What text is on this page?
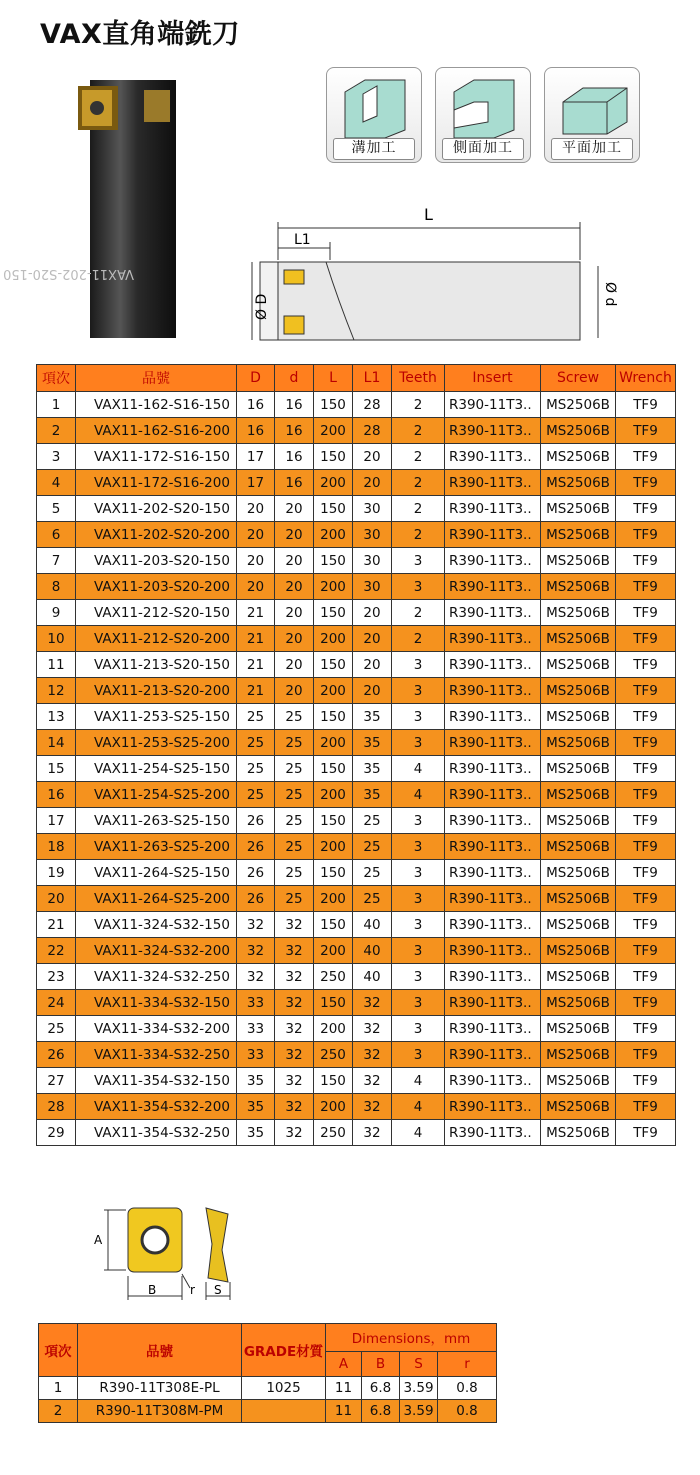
VAX直角端銑刀
VAX11-202-S20-150
溝加工	側面加工	平面加工
L
L1
Ø D	Ø d
項次	品號	D	d	L	L1	Teeth	Insert	Screw	Wrench
1	VAX11-162-S16-150	16	16	150	28	2	R390-11T3..	MS2506B	TF9
2	VAX11-162-S16-200	16	16	200	28	2	R390-11T3..	MS2506B	TF9
3	VAX11-172-S16-150	17	16	150	20	2	R390-11T3..	MS2506B	TF9
4	VAX11-172-S16-200	17	16	200	20	2	R390-11T3..	MS2506B	TF9
5	VAX11-202-S20-150	20	20	150	30	2	R390-11T3..	MS2506B	TF9
6	VAX11-202-S20-200	20	20	200	30	2	R390-11T3..	MS2506B	TF9
7	VAX11-203-S20-150	20	20	150	30	3	R390-11T3..	MS2506B	TF9
8	VAX11-203-S20-200	20	20	200	30	3	R390-11T3..	MS2506B	TF9
9	VAX11-212-S20-150	21	20	150	20	2	R390-11T3..	MS2506B	TF9
10	VAX11-212-S20-200	21	20	200	20	2	R390-11T3..	MS2506B	TF9
11	VAX11-213-S20-150	21	20	150	20	3	R390-11T3..	MS2506B	TF9
12	VAX11-213-S20-200	21	20	200	20	3	R390-11T3..	MS2506B	TF9
13	VAX11-253-S25-150	25	25	150	35	3	R390-11T3..	MS2506B	TF9
14	VAX11-253-S25-200	25	25	200	35	3	R390-11T3..	MS2506B	TF9
15	VAX11-254-S25-150	25	25	150	35	4	R390-11T3..	MS2506B	TF9
16	VAX11-254-S25-200	25	25	200	35	4	R390-11T3..	MS2506B	TF9
17	VAX11-263-S25-150	26	25	150	25	3	R390-11T3..	MS2506B	TF9
18	VAX11-263-S25-200	26	25	200	25	3	R390-11T3..	MS2506B	TF9
19	VAX11-264-S25-150	26	25	150	25	3	R390-11T3..	MS2506B	TF9
20	VAX11-264-S25-200	26	25	200	25	3	R390-11T3..	MS2506B	TF9
21	VAX11-324-S32-150	32	32	150	40	3	R390-11T3..	MS2506B	TF9
22	VAX11-324-S32-200	32	32	200	40	3	R390-11T3..	MS2506B	TF9
23	VAX11-324-S32-250	32	32	250	40	3	R390-11T3..	MS2506B	TF9
24	VAX11-334-S32-150	33	32	150	32	3	R390-11T3..	MS2506B	TF9
25	VAX11-334-S32-200	33	32	200	32	3	R390-11T3..	MS2506B	TF9
26	VAX11-334-S32-250	33	32	250	32	3	R390-11T3..	MS2506B	TF9
27	VAX11-354-S32-150	35	32	150	32	4	R390-11T3..	MS2506B	TF9
28	VAX11-354-S32-200	35	32	200	32	4	R390-11T3..	MS2506B	TF9
29	VAX11-354-S32-250	35	32	250	32	4	R390-11T3..	MS2506B	TF9
A
B	r S
項次	品號	GRADE材質	Dimensions，mm			
			A	B	S	r
1	R390-11T308E-PL	1025	11	6.8	3.59	0.8
2	R390-11T308M-PM		11	6.8	3.59	0.8
